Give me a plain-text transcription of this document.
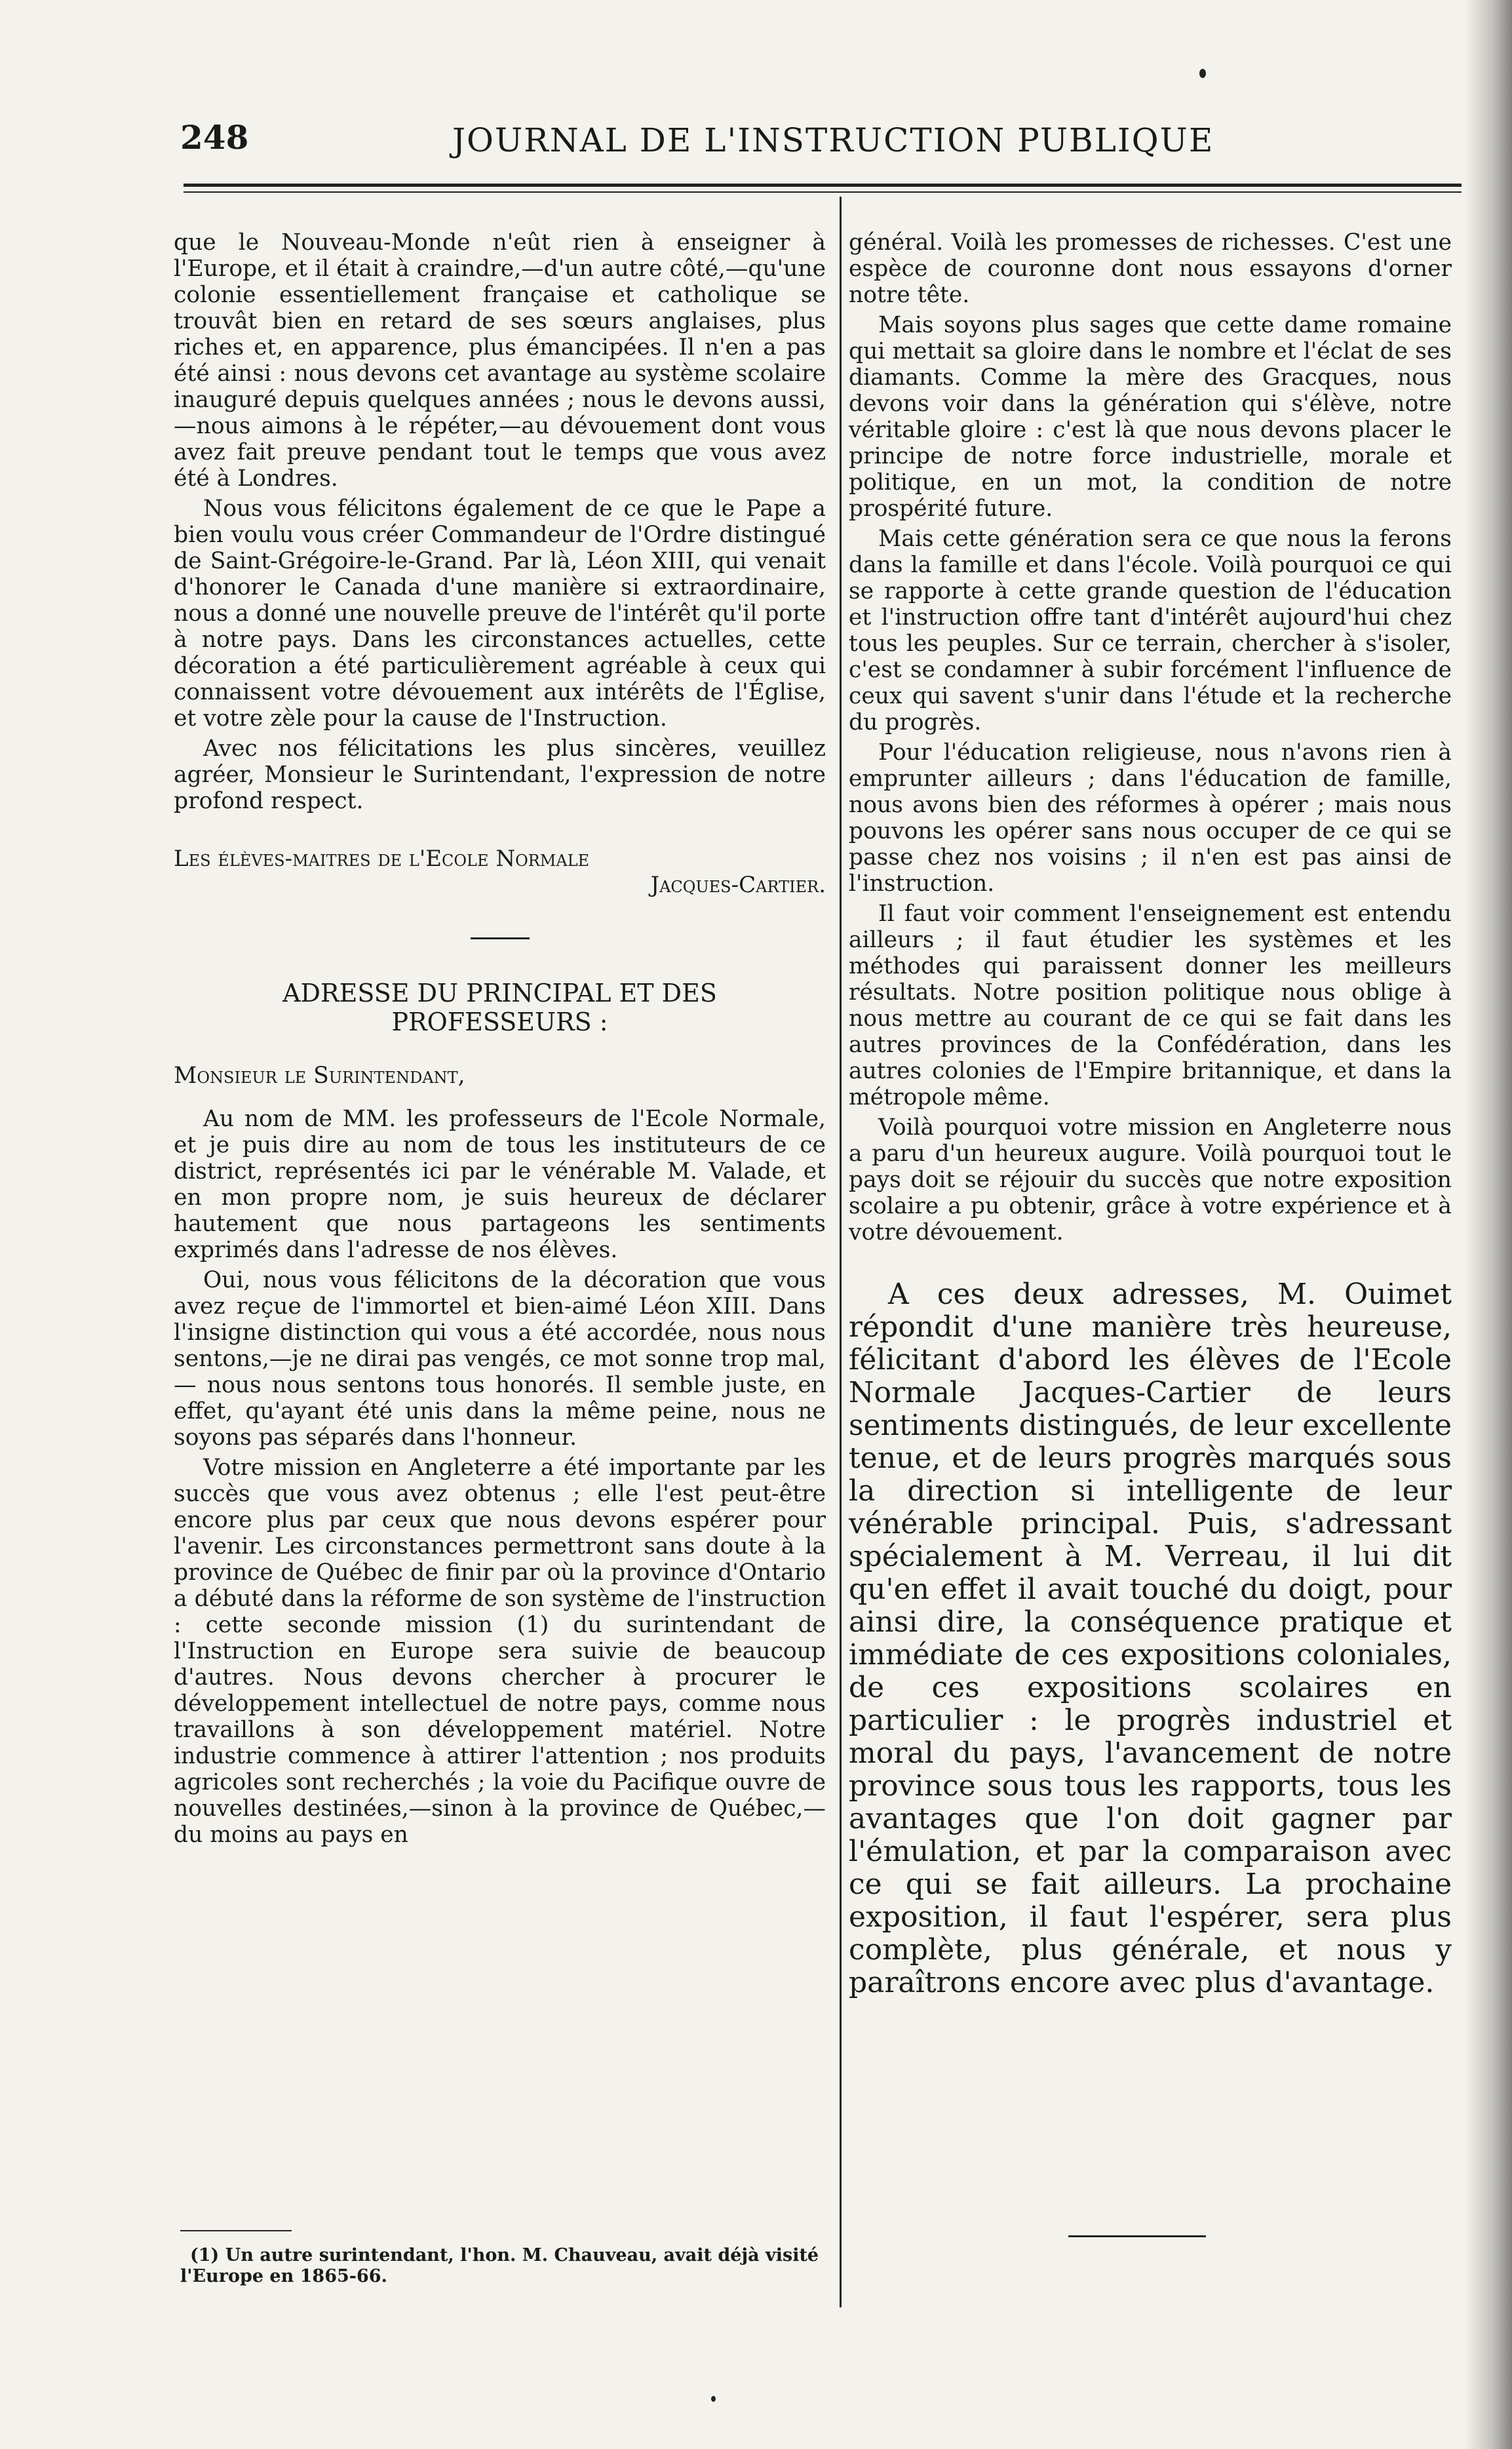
248	JOURNAL DE L'INSTRUCTION PUBLIQUE

que le Nouveau-Monde n'eût rien à enseigner à l'Europe, et il était à craindre,—d'un autre côté,—qu'une colonie essentiellement française et catholique se trouvât bien en retard de ses sœurs anglaises, plus riches et, en apparence, plus émancipées. Il n'en a pas été ainsi : nous devons cet avantage au système scolaire inauguré depuis quelques années ; nous le devons aussi,—nous aimons à le répéter,—au dévouement dont vous avez fait preuve pendant tout le temps que vous avez été à Londres.

Nous vous félicitons également de ce que le Pape a bien voulu vous créer Commandeur de l'Ordre distingué de Saint-Grégoire-le-Grand. Par là, Léon XIII, qui venait d'honorer le Canada d'une manière si extraordinaire, nous a donné une nouvelle preuve de l'intérêt qu'il porte à notre pays. Dans les circonstances actuelles, cette décoration a été particulièrement agréable à ceux qui connaissent votre dévouement aux intérêts de l'Église, et votre zèle pour la cause de l'Instruction.

Avec nos félicitations les plus sincères, veuillez agréer, Monsieur le Surintendant, l'expression de notre profond respect.

Les élèves-maitres de l'Ecole Normale
Jacques-Cartier.
ADRESSE DU PRINCIPAL ET DES
PROFESSEURS :
Monsieur le Surintendant,

Au nom de MM. les professeurs de l'Ecole Normale, et je puis dire au nom de tous les instituteurs de ce district, représentés ici par le vénérable M. Valade, et en mon propre nom, je suis heureux de déclarer hautement que nous partageons les sentiments exprimés dans l'adresse de nos élèves.

Oui, nous vous félicitons de la décoration que vous avez reçue de l'immortel et bien-aimé Léon XIII. Dans l'insigne distinction qui vous a été accordée, nous nous sentons,—je ne dirai pas vengés, ce mot sonne trop mal,— nous nous sentons tous honorés. Il semble juste, en effet, qu'ayant été unis dans la même peine, nous ne soyons pas séparés dans l'honneur.

Votre mission en Angleterre a été importante par les succès que vous avez obtenus ; elle l'est peut-être encore plus par ceux que nous devons espérer pour l'avenir. Les circonstances permettront sans doute à la province de Québec de finir par où la province d'Ontario a débuté dans la réforme de son système de l'instruction : cette seconde mission (1) du surintendant de l'Instruction en Europe sera suivie de beaucoup d'autres. Nous devons chercher à procurer le développement intellectuel de notre pays, comme nous travaillons à son développement matériel. Notre industrie commence à attirer l'attention ; nos produits agricoles sont recherchés ; la voie du Pacifique ouvre de nouvelles destinées,—sinon à la province de Québec,—du moins au pays en

général. Voilà les promesses de richesses. C'est une espèce de couronne dont nous essayons d'orner notre tête.

Mais soyons plus sages que cette dame romaine qui mettait sa gloire dans le nombre et l'éclat de ses diamants. Comme la mère des Gracques, nous devons voir dans la génération qui s'élève, notre véritable gloire : c'est là que nous devons placer le principe de notre force industrielle, morale et politique, en un mot, la condition de notre prospérité future.

Mais cette génération sera ce que nous la ferons dans la famille et dans l'école. Voilà pourquoi ce qui se rapporte à cette grande question de l'éducation et l'instruction offre tant d'intérêt aujourd'hui chez tous les peuples. Sur ce terrain, chercher à s'isoler, c'est se condamner à subir forcément l'influence de ceux qui savent s'unir dans l'étude et la recherche du progrès.

Pour l'éducation religieuse, nous n'avons rien à emprunter ailleurs ; dans l'éducation de famille, nous avons bien des réformes à opérer ; mais nous pouvons les opérer sans nous occuper de ce qui se passe chez nos voisins ; il n'en est pas ainsi de l'instruction.

Il faut voir comment l'enseignement est entendu ailleurs ; il faut étudier les systèmes et les méthodes qui paraissent donner les meilleurs résultats. Notre position politique nous oblige à nous mettre au courant de ce qui se fait dans les autres provinces de la Confédération, dans les autres colonies de l'Empire britannique, et dans la métropole même.

Voilà pourquoi votre mission en Angleterre nous a paru d'un heureux augure. Voilà pourquoi tout le pays doit se réjouir du succès que notre exposition scolaire a pu obtenir, grâce à votre expérience et à votre dévouement.

A ces deux adresses, M. Ouimet répondit d'une manière très heureuse, félicitant d'abord les élèves de l'Ecole Normale Jacques-Cartier de leurs sentiments distingués, de leur excellente tenue, et de leurs progrès marqués sous la direction si intelligente de leur vénérable principal. Puis, s'adressant spécialement à M. Verreau, il lui dit qu'en effet il avait touché du doigt, pour ainsi dire, la conséquence pratique et immédiate de ces expositions coloniales, de ces expositions scolaires en particulier : le progrès industriel et moral du pays, l'avancement de notre province sous tous les rapports, tous les avantages que l'on doit gagner par l'émulation, et par la comparaison avec ce qui se fait ailleurs. La prochaine exposition, il faut l'espérer, sera plus complète, plus générale, et nous y paraîtrons encore avec plus d'avantage.

(1) Un autre surintendant, l'hon. M. Chauveau, avait déjà visité l'Europe en 1865-66.
